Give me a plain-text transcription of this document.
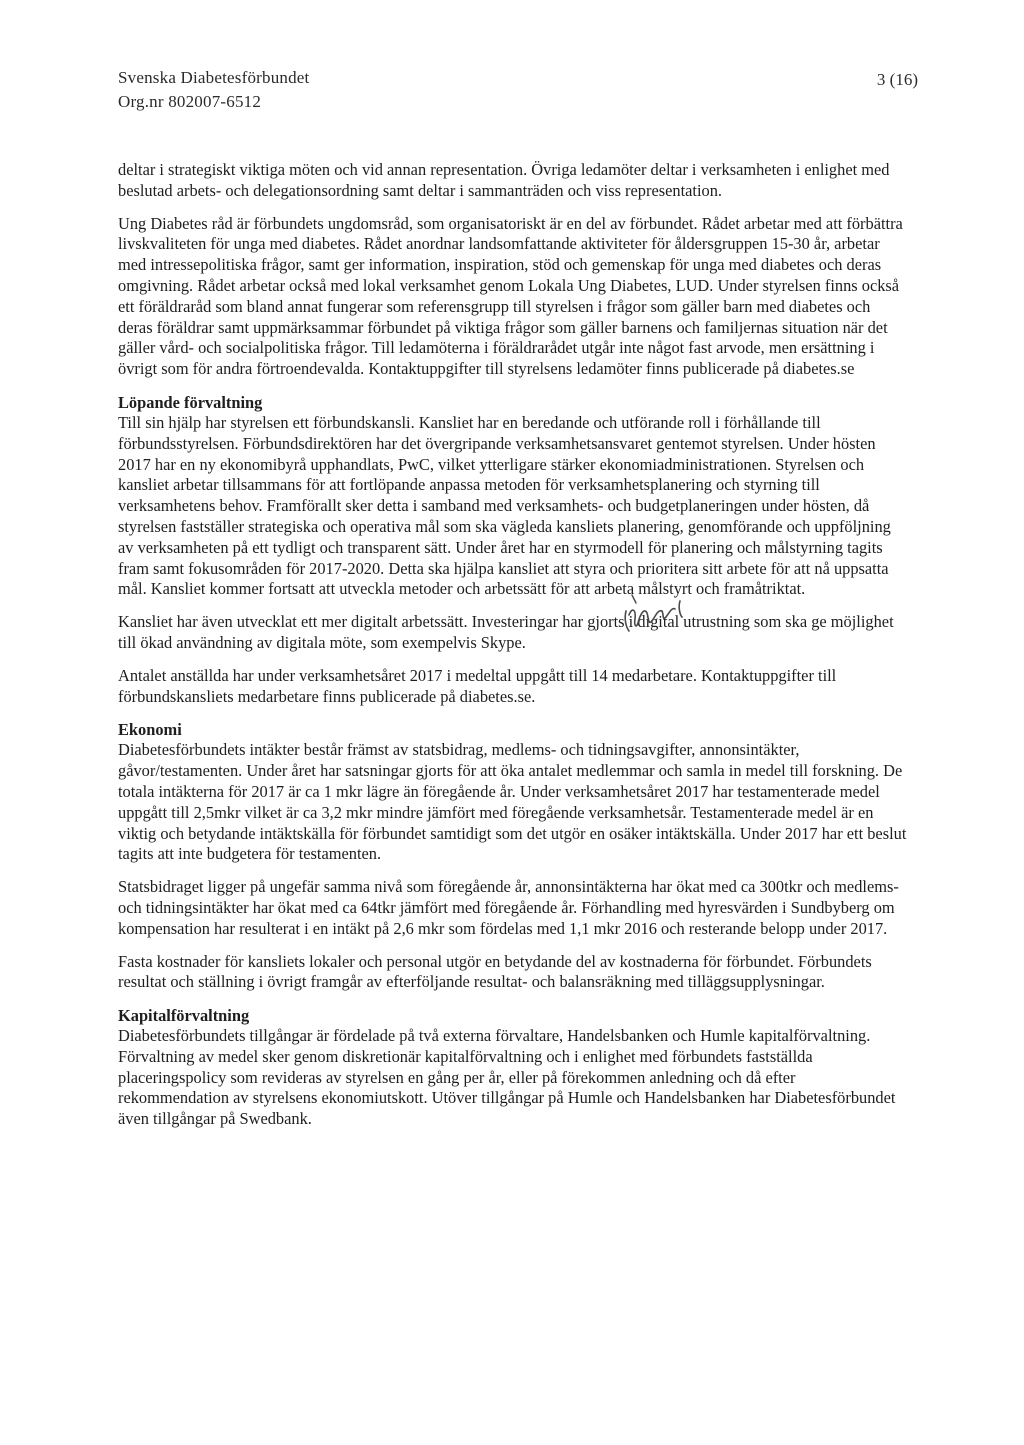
Svenska Diabetesförbundet
Org.nr 802007-6512
3 (16)

deltar i strategiskt viktiga möten och vid annan representation. Övriga ledamöter deltar i verksamheten i enlighet med beslutad arbets- och delegationsordning samt deltar i sammanträden och viss representation.

Ung Diabetes råd är förbundets ungdomsråd, som organisatoriskt är en del av förbundet. Rådet arbetar med att förbättra livskvaliteten för unga med diabetes. Rådet anordnar landsomfattande aktiviteter för åldersgruppen 15-30 år, arbetar med intressepolitiska frågor, samt ger information, inspiration, stöd och gemenskap för unga med diabetes och deras omgivning. Rådet arbetar också med lokal verksamhet genom Lokala Ung Diabetes, LUD. Under styrelsen finns också ett föräldraråd som bland annat fungerar som referensgrupp till styrelsen i frågor som gäller barn med diabetes och deras föräldrar samt uppmärksammar förbundet på viktiga frågor som gäller barnens och familjernas situation när det gäller vård- och socialpolitiska frågor. Till ledamöterna i föräldrarådet utgår inte något fast arvode, men ersättning i övrigt som för andra förtroendevalda. Kontaktuppgifter till styrelsens ledamöter finns publicerade på diabetes.se

Löpande förvaltning

Till sin hjälp har styrelsen ett förbundskansli. Kansliet har en beredande och utförande roll i förhållande till förbundsstyrelsen. Förbundsdirektören har det övergripande verksamhetsansvaret gentemot styrelsen. Under hösten 2017 har en ny ekonomibyrå upphandlats, PwC, vilket ytterligare stärker ekonomiadministrationen. Styrelsen och kansliet arbetar tillsammans för att fortlöpande anpassa metoden för verksamhetsplanering och styrning till verksamhetens behov. Framförallt sker detta i samband med verksamhets- och budgetplaneringen under hösten, då styrelsen fastställer strategiska och operativa mål som ska vägleda kansliets planering, genomförande och uppföljning av verksamheten på ett tydligt och transparent sätt. Under året har en styrmodell för planering och målstyrning tagits fram samt fokusområden för 2017-2020. Detta ska hjälpa kansliet att styra och prioritera sitt arbete för att nå uppsatta mål. Kansliet kommer fortsatt att utveckla metoder och arbetssätt för att arbeta målstyrt och framåtriktat.

Kansliet har även utvecklat ett mer digitalt arbetssätt. Investeringar har gjorts i digital utrustning som ska ge möjlighet till ökad användning av digitala möte, som exempelvis Skype.

Antalet anställda har under verksamhetsåret 2017 i medeltal uppgått till 14 medarbetare. Kontaktuppgifter till förbundskansliets medarbetare finns publicerade på diabetes.se.

Ekonomi

Diabetesförbundets intäkter består främst av statsbidrag, medlems- och tidningsavgifter, annonsintäkter, gåvor/testamenten. Under året har satsningar gjorts för att öka antalet medlemmar och samla in medel till forskning. De totala intäkterna för 2017 är ca 1 mkr lägre än föregående år. Under verksamhetsåret 2017 har testamenterade medel uppgått till 2,5mkr vilket är ca 3,2 mkr mindre jämfört med föregående verksamhetsår. Testamenterade medel är en viktig och betydande intäktskälla för förbundet samtidigt som det utgör en osäker intäktskälla. Under 2017 har ett beslut tagits att inte budgetera för testamenten.

Statsbidraget ligger på ungefär samma nivå som föregående år, annonsintäkterna har ökat med ca 300tkr och medlems- och tidningsintäkter har ökat med ca 64tkr jämfört med föregående år. Förhandling med hyresvärden i Sundbyberg om kompensation har resulterat i en intäkt på 2,6 mkr som fördelas med 1,1 mkr 2016 och resterande belopp under 2017.

Fasta kostnader för kansliets lokaler och personal utgör en betydande del av kostnaderna för förbundet. Förbundets resultat och ställning i övrigt framgår av efterföljande resultat- och balansräkning med tilläggsupplysningar.

Kapitalförvaltning

Diabetesförbundets tillgångar är fördelade på två externa förvaltare, Handelsbanken och Humle kapitalförvaltning. Förvaltning av medel sker genom diskretionär kapitalförvaltning och i enlighet med förbundets fastställda placeringspolicy som revideras av styrelsen en gång per år, eller på förekommen anledning och då efter rekommendation av styrelsens ekonomiutskott. Utöver tillgångar på Humle och Handelsbanken har Diabetesförbundet även tillgångar på Swedbank.
